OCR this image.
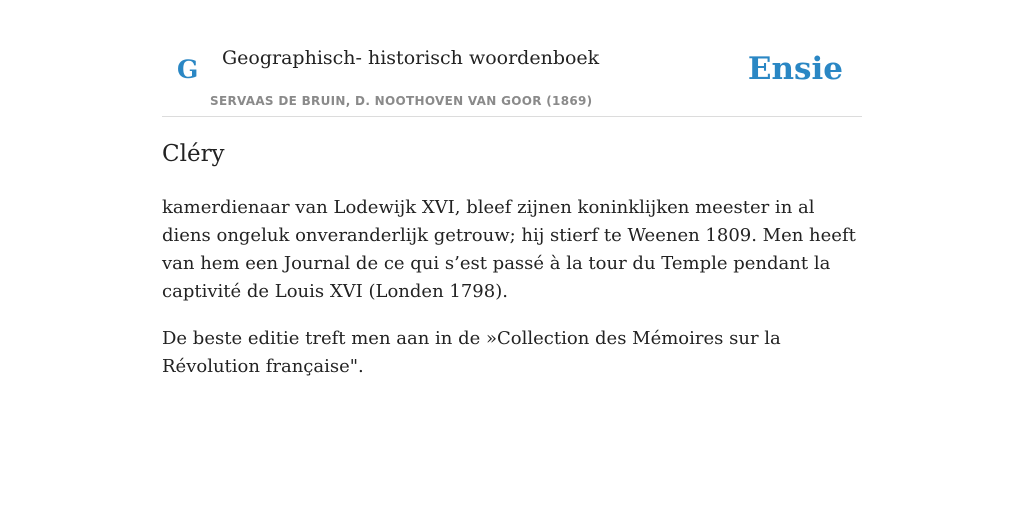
G Geographisch- historisch woordenboek
SERVAAS DE BRUIN, D. NOOTHOVEN VAN GOOR (1869)
Ensie
Cléry

kamerdienaar van Lodewijk XVI, bleef zijnen koninklijken meester in al diens ongeluk onveranderlijk getrouw; hij stierf te Weenen 1809. Men heeft van hem een Journal de ce qui s’est passé à la tour du Temple pendant la captivité de Louis XVI (Londen 1798).

De beste editie treft men aan in de »Collection des Mémoires sur la Révolution française".
